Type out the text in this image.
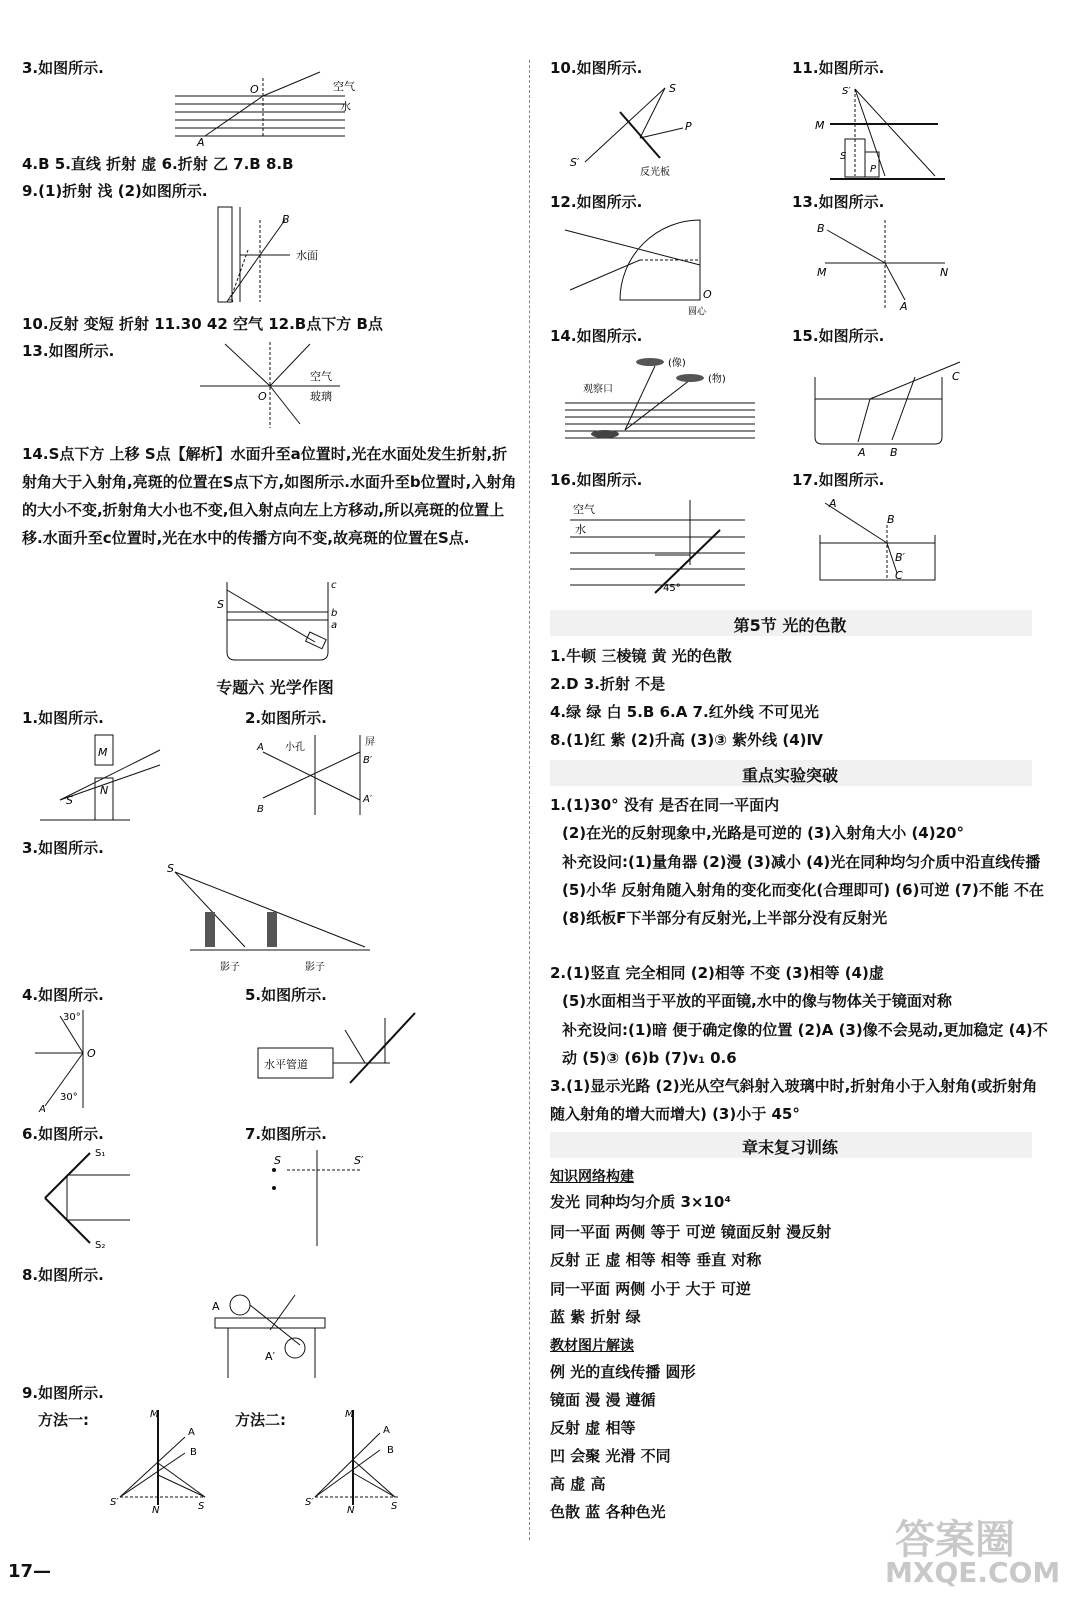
3.如图所示.
O
A
空气
水
4.B 5.直线 折射 虚 6.折射 乙 7.B 8.B
9.(1)折射 浅 (2)如图所示.
B
水面
A
10.反射 变短 折射 11.30 42 空气 12.B点下方 B点
13.如图所示.
O
空气
玻璃
14.S点下方 上移 S点【解析】水面升至a位置时,光在水面处发生折射,折射角大于入射角,亮斑的位置在S点下方,如图所示.水面升至b位置时,入射角的大小不变,折射角大小也不变,但入射点向左上方移动,所以亮斑的位置上移.水面升至c位置时,光在水中的传播方向不变,故亮斑的位置在S点.
S
c
b
a
专题六 光学作图
1.如图所示.
M
N
S
2.如图所示.
A
B
小孔	屏
B′
A′
3.如图所示.
S
影子	影子
4.如图所示.
30°
O
30°
A
5.如图所示.
水平管道
6.如图所示.
S₁
S₂
7.如图所示.
S	S′
8.如图所示.
A
A′
9.如图所示.
方法一:	方法二:
M
A
B
S′	S
N
M
A
B
S′	S
N
17—
10.如图所示.
S
P
S′
反光板
11.如图所示.
S′
M
S
P
12.如图所示.
O
圆心
13.如图所示.
B
M	N
A
14.如图所示.
(像)
(物)
观察口
15.如图所示.
C
A B
16.如图所示.
空气
水
45°
17.如图所示.
A
B
B′
C
第5节 光的色散
1.牛顿 三棱镜 黄 光的色散
2.D 3.折射 不是
4.绿 绿 白 5.B 6.A 7.红外线 不可见光
8.(1)红 紫 (2)升高 (3)③ 紫外线 (4)Ⅳ
重点实验突破
1.(1)30° 没有 是否在同一平面内
(2)在光的反射现象中,光路是可逆的 (3)入射角大小 (4)20°
补充设问:(1)量角器 (2)漫 (3)减小 (4)光在同种均匀介质中沿直线传播 (5)小华 反射角随入射角的变化而变化(合理即可) (6)可逆 (7)不能 不在 (8)纸板F下半部分有反射光,上半部分没有反射光
2.(1)竖直 完全相同 (2)相等 不变 (3)相等 (4)虚
(5)水面相当于平放的平面镜,水中的像与物体关于镜面对称
补充设问:(1)暗 便于确定像的位置 (2)A (3)像不会晃动,更加稳定 (4)不动 (5)③ (6)b (7)v₁ 0.6
3.(1)显示光路 (2)光从空气斜射入玻璃中时,折射角小于入射角(或折射角随入射角的增大而增大) (3)小于 45°
章末复习训练
知识网络构建
发光 同种均匀介质 3×10⁴
同一平面 两侧 等于 可逆 镜面反射 漫反射
反射 正 虚 相等 相等 垂直 对称
同一平面 两侧 小于 大于 可逆
蓝 紫 折射 绿
教材图片解读
例 光的直线传播 圆形
镜面 漫 漫 遵循
反射 虚 相等
凹 会聚 光滑 不同
高 虚 高
色散 蓝 各种色光
答案圈
MXQE.COM
